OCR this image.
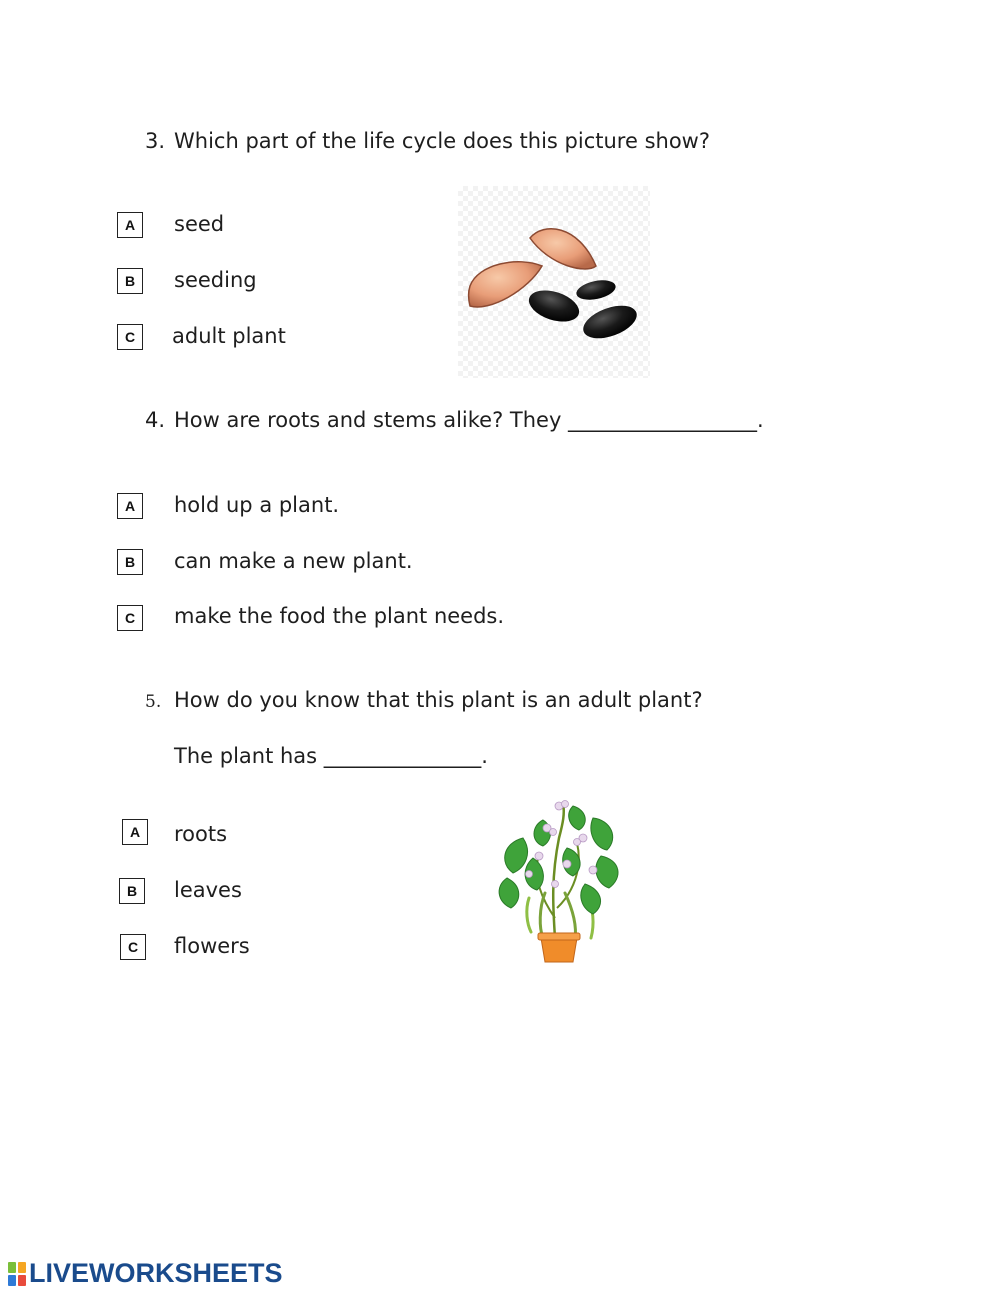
3. Which part of the life cycle does this picture show?
A	seed
B	seeding
C	adult plant
4. How are roots and stems alike? They __________________.
A	hold up a plant.
B	can make a new plant.
C	make the food the plant needs.
5. How do you know that this plant is an adult plant?
The plant has _______________.
A	roots
B	leaves
C	flowers
LIVEWORKSHEETS
